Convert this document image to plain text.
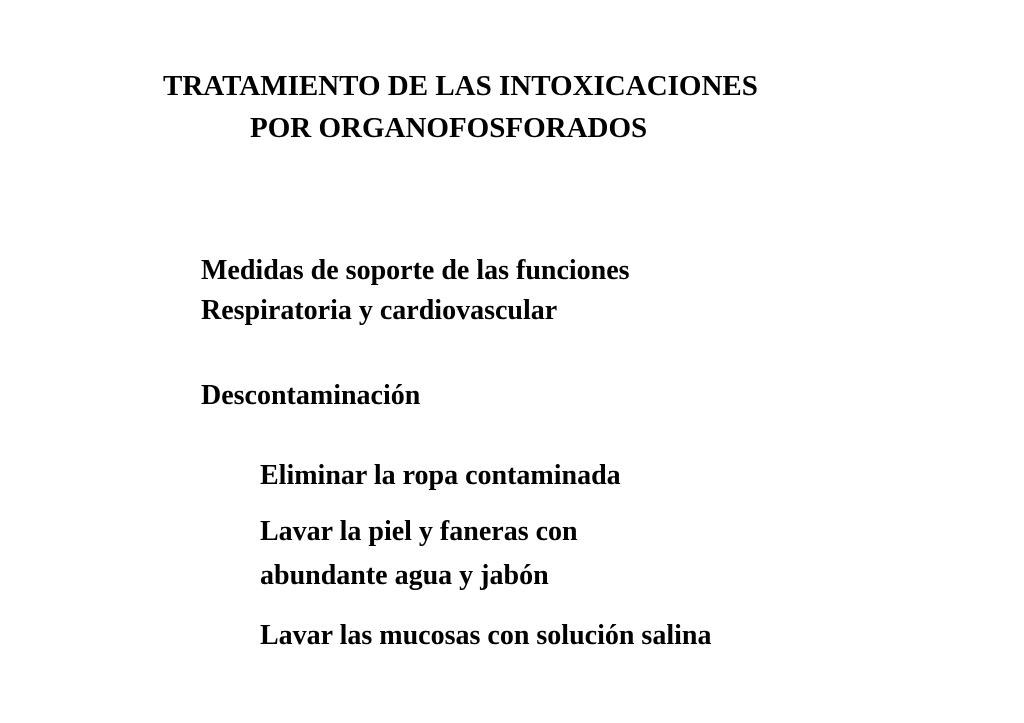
TRATAMIENTO DE LAS INTOXICACIONES
POR ORGANOFOSFORADOS
Medidas de soporte de las funciones
Respiratoria y cardiovascular
Descontaminación
Eliminar la ropa contaminada
Lavar la piel y faneras con
abundante agua y jabón
Lavar las mucosas con solución salina
